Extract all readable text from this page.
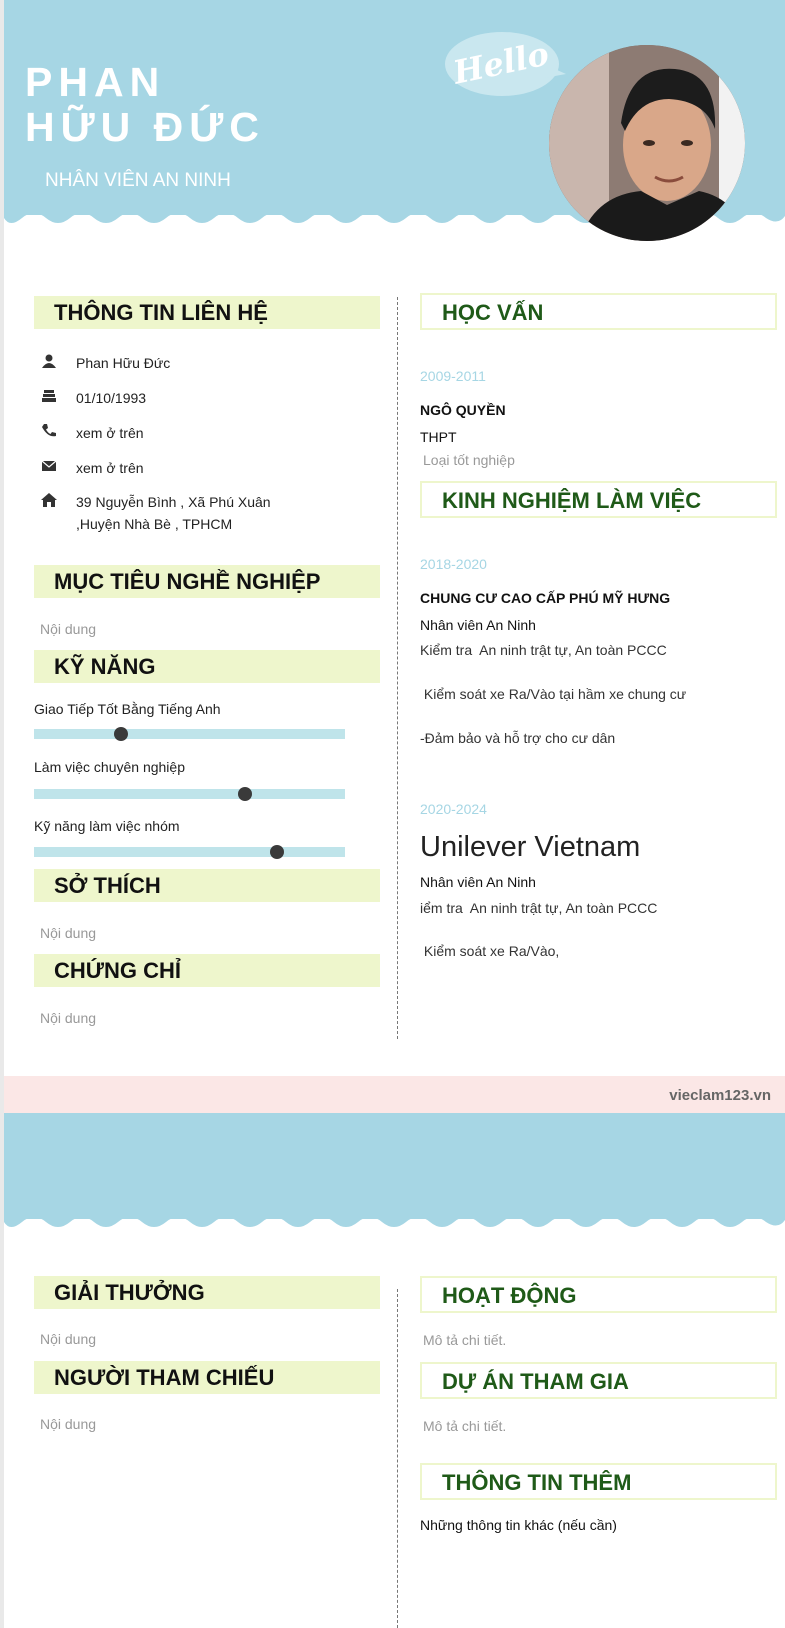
PHAN
HỮU ĐỨC
NHÂN VIÊN AN NINH
Hello
THÔNG TIN LIÊN HỆ
Phan Hữu Đức
01/10/1993
xem ở trên
xem ở trên
39 Nguyễn Bình , Xã Phú Xuân
,Huyện Nhà Bè , TPHCM
MỤC TIÊU NGHỀ NGHIỆP
Nội dung
KỸ NĂNG
Giao Tiếp Tốt Bằng Tiếng Anh
Làm việc chuyên nghiệp
Kỹ năng làm việc nhóm
SỞ THÍCH
Nội dung
CHỨNG CHỈ
Nội dung
HỌC VẤN
2009-2011
NGÔ QUYỀN
THPT
Loại tốt nghiệp
KINH NGHIỆM LÀM VIỆC
2018-2020
CHUNG CƯ CAO CẤP PHÚ MỸ HƯNG
Nhân viên An Ninh
Kiểm tra  An ninh trật tự, An toàn PCCC
Kiểm soát xe Ra/Vào tại hầm xe chung cư
-Đảm bảo và hỗ trợ cho cư dân
2020-2024
Unilever Vietnam
Nhân viên An Ninh
iểm tra  An ninh trật tự, An toàn PCCC
Kiểm soát xe Ra/Vào,
vieclam123.vn
GIẢI THƯỞNG
Nội dung
NGƯỜI THAM CHIẾU
Nội dung
HOẠT ĐỘNG
Mô tả chi tiết.
DỰ ÁN THAM GIA
Mô tả chi tiết.
THÔNG TIN THÊM
Những thông tin khác (nếu cần)
